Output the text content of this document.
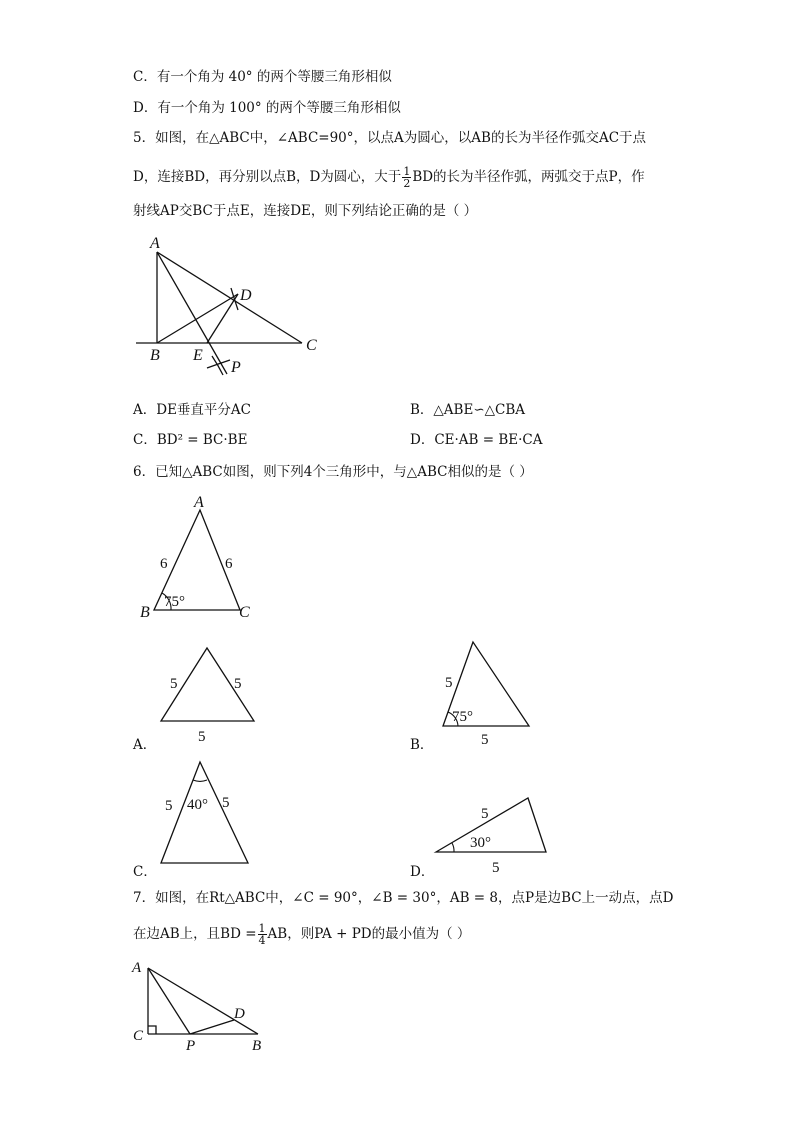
C．有一个角为 40° 的两个等腰三角形相似
D．有一个角为 100° 的两个等腰三角形相似
5．如图，在△ABC中，∠ABC=90°，以点A为圆心，以AB的长为半径作弧交AC于点
D，连接BD，再分别以点B，D为圆心，大于 $\frac{1}{2}$ BD的长为半径作弧，两弧交于点P，作
射线AP交BC于点E，连接DE，则下列结论正确的是（ ）
A
B
C
D
E
P
A．DE垂直平分AC	B．△ABE∽△CBA
C．BD² = BC·BE	D．CE·AB = BE·CA
6．已知△ABC如图，则下列4个三角形中，与△ABC相似的是（ ）
A
B	C
6	6
75°
5	5
5
A．
5
75°
5
B．
5	5
40°
C．
5
30°
5
D．
7．如图，在Rt△ABC中，∠C = 90°，∠B = 30°，AB = 8，点P是边BC上一动点，点D
在边AB上，且BD = $\frac{1}{4}$ AB，则PA + PD的最小值为（ ）
A
C
P
D
B
